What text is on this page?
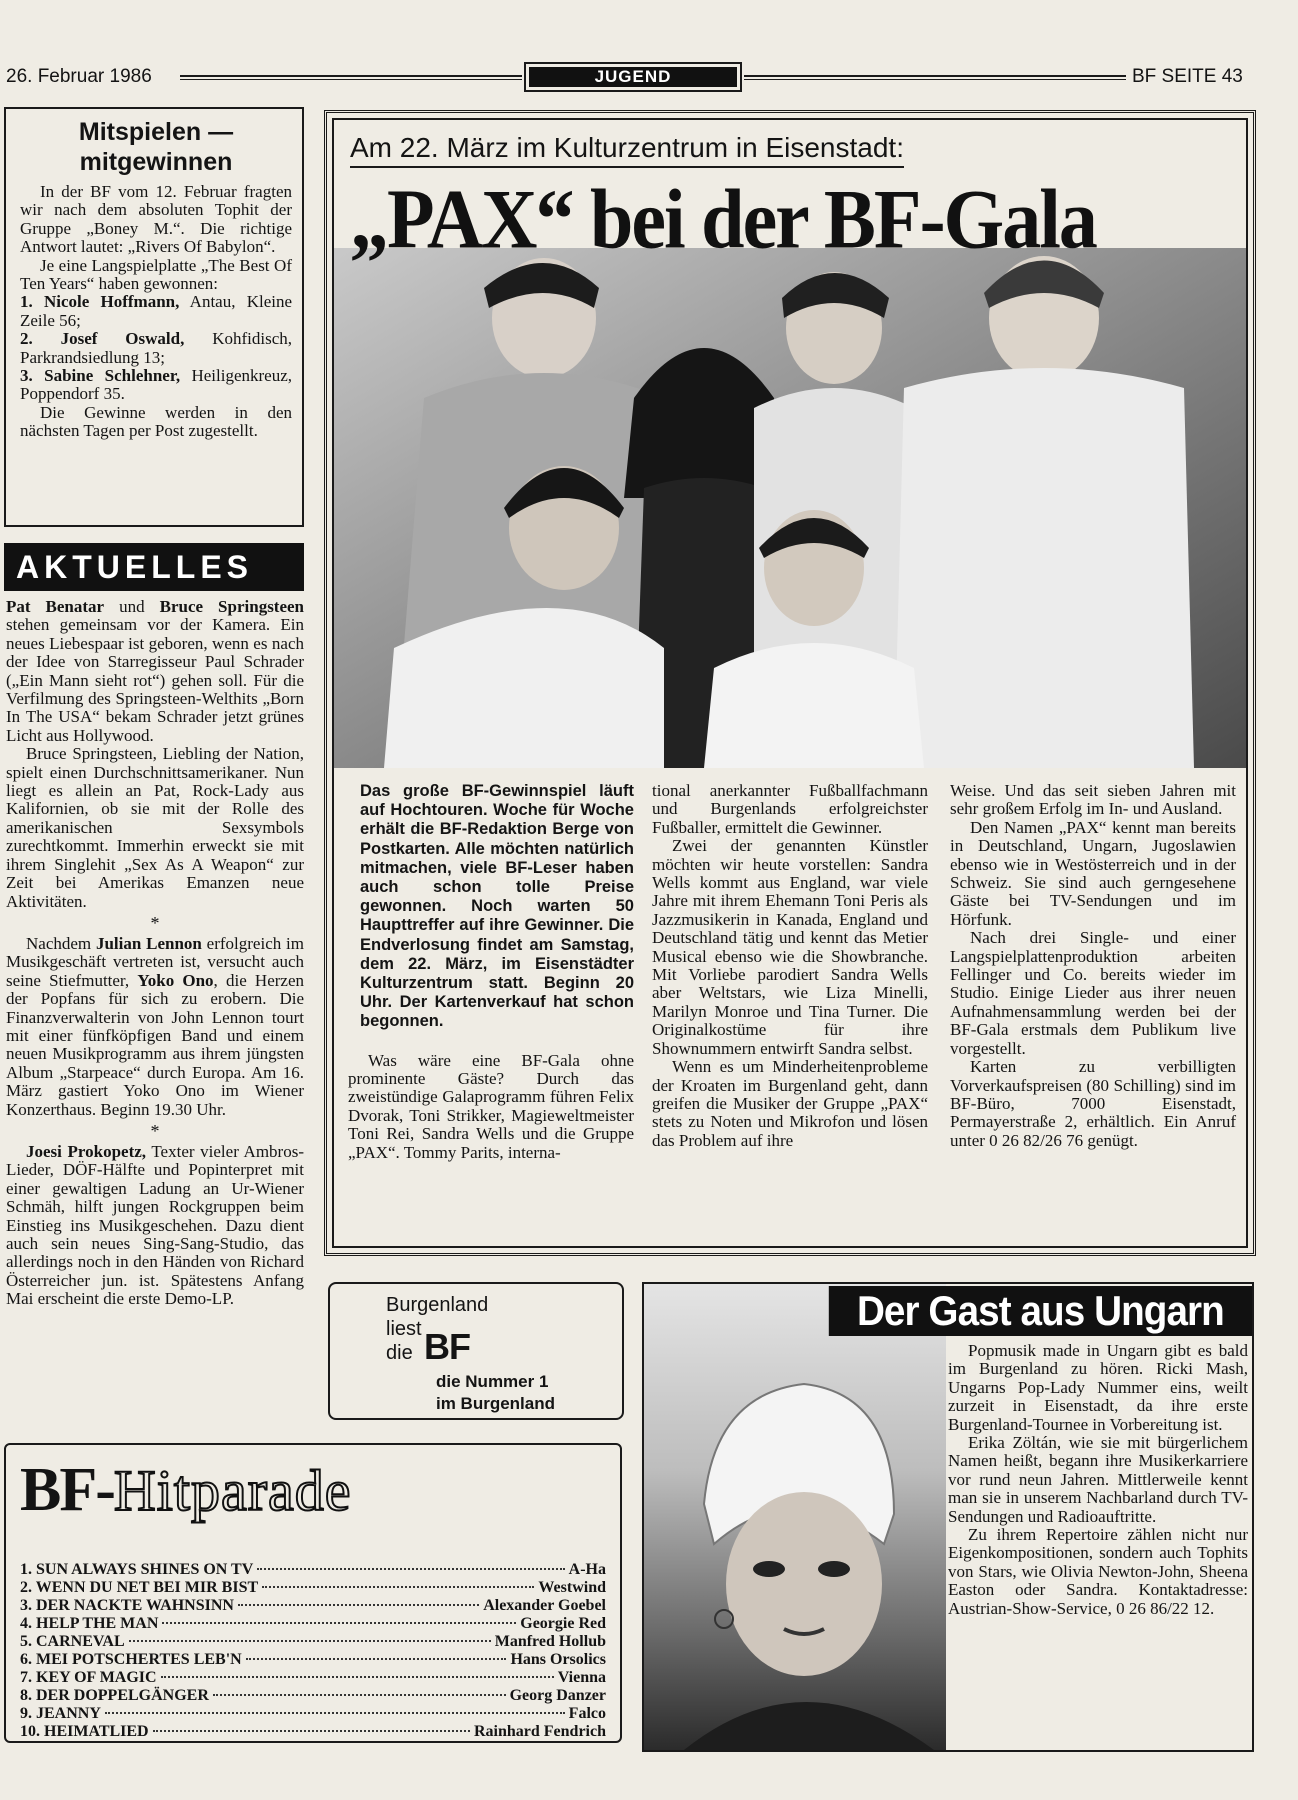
26. Februar 1986	JUGEND	BF SEITE 43
Mitspielen — mitgewinnen

In der BF vom 12. Februar fragten wir nach dem absoluten Tophit der Gruppe „Boney M.“. Die richtige Antwort lautet: „Rivers Of Babylon“.

Je eine Langspielplatte „The Best Of Ten Years“ haben gewonnen:

1. Nicole Hoffmann, Antau, Kleine Zeile 56;

2. Josef Oswald, Kohfidisch, Parkrandsiedlung 13;

3. Sabine Schlehner, Heiligenkreuz, Poppendorf 35.

Die Gewinne werden in den nächsten Tagen per Post zugestellt.

AKTUELLES

Pat Benatar und Bruce Springsteen stehen gemeinsam vor der Kamera. Ein neues Liebespaar ist geboren, wenn es nach der Idee von Starregisseur Paul Schrader („Ein Mann sieht rot“) gehen soll. Für die Verfilmung des Springsteen-Welthits „Born In The USA“ bekam Schrader jetzt grünes Licht aus Hollywood.

Bruce Springsteen, Liebling der Nation, spielt einen Durchschnittsamerikaner. Nun liegt es allein an Pat, Rock-Lady aus Kalifornien, ob sie mit der Rolle des amerikanischen Sexsymbols zurechtkommt. Immerhin erweckt sie mit ihrem Singlehit „Sex As A Weapon“ zur Zeit bei Amerikas Emanzen neue Aktivitäten.

*

Nachdem Julian Lennon erfolgreich im Musikgeschäft vertreten ist, versucht auch seine Stiefmutter, Yoko Ono, die Herzen der Popfans für sich zu erobern. Die Finanzverwalterin von John Lennon tourt mit einer fünfköpfigen Band und einem neuen Musikprogramm aus ihrem jüngsten Album „Starpeace“ durch Europa. Am 16. März gastiert Yoko Ono im Wiener Konzerthaus. Beginn 19.30 Uhr.

*

Joesi Prokopetz, Texter vieler Ambros-Lieder, DÖF-Hälfte und Popinterpret mit einer gewaltigen Ladung an Ur-Wiener Schmäh, hilft jungen Rockgruppen beim Einstieg ins Musikgeschehen. Dazu dient auch sein neues Sing-Sang-Studio, das allerdings noch in den Händen von Richard Österreicher jun. ist. Spätestens Anfang Mai erscheint die erste Demo-LP.

Am 22. März im Kulturzentrum in Eisenstadt:
„PAX“ bei der BF-Gala

Das große BF-Gewinnspiel läuft auf Hochtouren. Woche für Woche erhält die BF-Redaktion Berge von Postkarten. Alle möchten natürlich mitmachen, viele BF-Leser haben auch schon tolle Preise gewonnen. Noch warten 50 Haupttreffer auf ihre Gewinner. Die Endverlosung findet am Samstag, dem 22. März, im Eisenstädter Kulturzentrum statt. Beginn 20 Uhr. Der Kartenverkauf hat schon begonnen.

Was wäre eine BF-Gala ohne prominente Gäste? Durch das zweistündige Galaprogramm führen Felix Dvorak, Toni Strikker, Magieweltmeister Toni Rei, Sandra Wells und die Gruppe „PAX“. Tommy Parits, interna-

tional anerkannter Fußballfachmann und Burgenlands erfolgreichster Fußballer, ermittelt die Gewinner.

Zwei der genannten Künstler möchten wir heute vorstellen: Sandra Wells kommt aus England, war viele Jahre mit ihrem Ehemann Toni Peris als Jazzmusikerin in Kanada, England und Deutschland tätig und kennt das Metier Musical ebenso wie die Showbranche. Mit Vorliebe parodiert Sandra Wells aber Weltstars, wie Liza Minelli, Marilyn Monroe und Tina Turner. Die Originalkostüme für ihre Shownummern entwirft Sandra selbst.

Wenn es um Minderheitenprobleme der Kroaten im Burgenland geht, dann greifen die Musiker der Gruppe „PAX“ stets zu Noten und Mikrofon und lösen das Problem auf ihre

Weise. Und das seit sieben Jahren mit sehr großem Erfolg im In- und Ausland.

Den Namen „PAX“ kennt man bereits in Deutschland, Ungarn, Jugoslawien ebenso wie in Westösterreich und in der Schweiz. Sie sind auch gerngesehene Gäste bei TV-Sendungen und im Hörfunk.

Nach drei Single- und einer Langspielplattenproduktion arbeiten Fellinger und Co. bereits wieder im Studio. Einige Lieder aus ihrer neuen Aufnahmensammlung werden bei der BF-Gala erstmals dem Publikum live vorgestellt.

Karten zu verbilligten Vorverkaufspreisen (80 Schilling) sind im BF-Büro, 7000 Eisenstadt, Permayerstraße 2, erhältlich. Ein Anruf unter 0 26 82/26 76 genügt.

Burgenland
liest
die BF
die Nummer 1
im Burgenland
BF-Hitparade
1. SUN ALWAYS SHINES ON TV	A-Ha
2. WENN DU NET BEI MIR BIST	Westwind
3. DER NACKTE WAHNSINN	Alexander Goebel
4. HELP THE MAN	Georgie Red
5. CARNEVAL	Manfred Hollub
6. MEI POTSCHERTES LEB'N	Hans Orsolics
7. KEY OF MAGIC	Vienna
8. DER DOPPELGÄNGER	Georg Danzer
9. JEANNY	Falco
10. HEIMATLIED	Rainhard Fendrich
Der Gast aus Ungarn

Popmusik made in Ungarn gibt es bald im Burgenland zu hören. Ricki Mash, Ungarns Pop-Lady Nummer eins, weilt zurzeit in Eisenstadt, da ihre erste Burgenland-Tournee in Vorbereitung ist.

Erika Zöltán, wie sie mit bürgerlichem Namen heißt, begann ihre Musikerkarriere vor rund neun Jahren. Mittlerweile kennt man sie in unserem Nachbarland durch TV-Sendungen und Radioauftritte.

Zu ihrem Repertoire zählen nicht nur Eigenkompositionen, sondern auch Tophits von Stars, wie Olivia Newton-John, Sheena Easton oder Sandra. Kontaktadresse: Austrian-Show-Service, 0 26 86/22 12.
